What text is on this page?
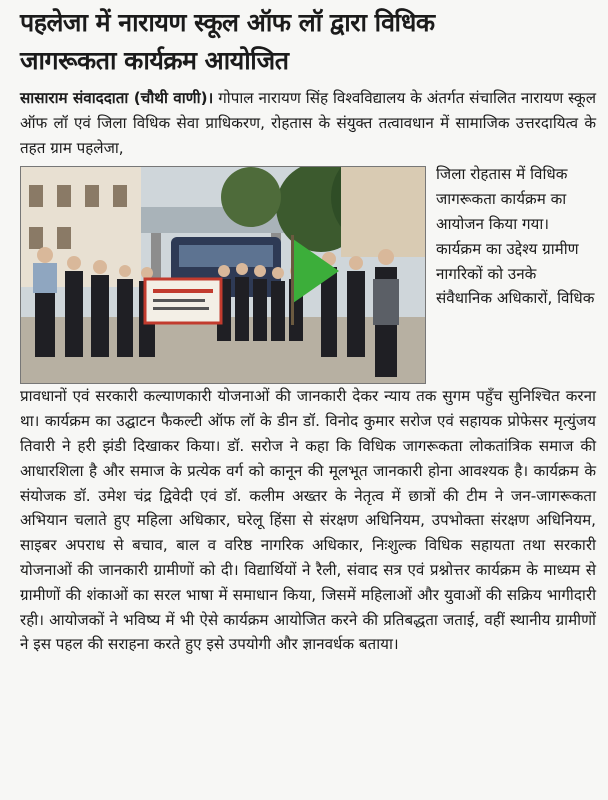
पहलेजा में नारायण स्कूल ऑफ लॉ द्वारा विधिक
जागरूकता कार्यक्रम आयोजित
सासाराम संवाददाता (चौथी वाणी)। गोपाल नारायण सिंह विश्वविद्यालय के अंतर्गत संचालित नारायण स्कूल ऑफ लॉ एवं जिला विधिक सेवा प्राधिकरण, रोहतास के संयुक्त तत्वावधान में सामाजिक उत्तरदायित्व के तहत ग्राम पहलेजा,
जिला रोहतास में विधिक जागरूकता कार्यक्रम का आयोजन किया गया। कार्यक्रम का उद्देश्य ग्रामीण नागरिकों को उनके संवैधानिक अधिकारों, विधिक

प्रावधानों एवं सरकारी कल्याणकारी योजनाओं की जानकारी देकर न्याय तक सुगम पहुँच सुनिश्चित करना था। कार्यक्रम का उद्घाटन फैकल्टी ऑफ लॉ के डीन डॉ. विनोद कुमार सरोज एवं सहायक प्रोफेसर मृत्युंजय तिवारी ने हरी झंडी दिखाकर किया। डॉ. सरोज ने कहा कि विधिक जागरूकता लोकतांत्रिक समाज की आधारशिला है और समाज के प्रत्येक वर्ग को कानून की मूलभूत जानकारी होना आवश्यक है। कार्यक्रम के संयोजक डॉ. उमेश चंद्र द्विवेदी एवं डॉ. कलीम अख्तर के नेतृत्व में छात्रों की टीम ने जन-जागरूकता अभियान चलाते हुए महिला अधिकार, घरेलू हिंसा से संरक्षण अधिनियम, उपभोक्ता संरक्षण अधिनियम, साइबर अपराध से बचाव, बाल व वरिष्ठ नागरिक अधिकार, निःशुल्क विधिक सहायता तथा सरकारी योजनाओं की जानकारी ग्रामीणों को दी। विद्यार्थियों ने रैली, संवाद सत्र एवं प्रश्नोत्तर कार्यक्रम के माध्यम से ग्रामीणों की शंकाओं का सरल भाषा में समाधान किया, जिसमें महिलाओं और युवाओं की सक्रिय भागीदारी रही। आयोजकों ने भविष्य में भी ऐसे कार्यक्रम आयोजित करने की प्रतिबद्धता जताई, वहीं स्थानीय ग्रामीणों ने इस पहल की सराहना करते हुए इसे उपयोगी और ज्ञानवर्धक बताया।
